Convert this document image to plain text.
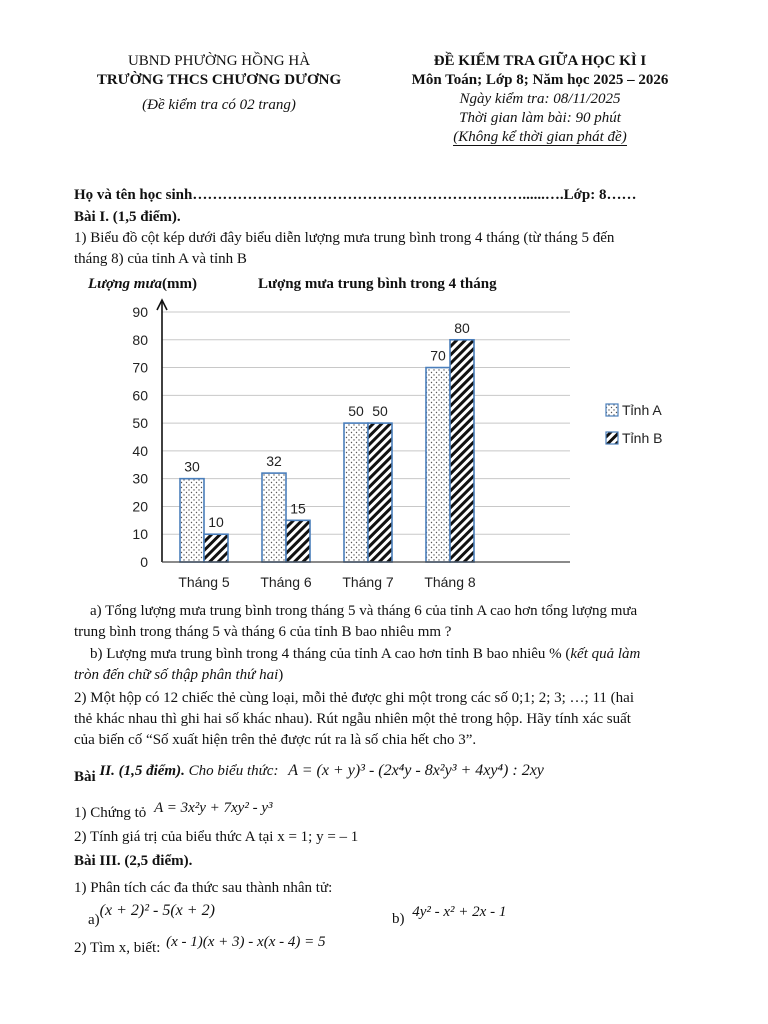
UBND PHƯỜNG HỒNG HÀ
TRƯỜNG THCS CHƯƠNG DƯƠNG
(Đề kiểm tra có 02 trang)
ĐỀ KIỂM TRA GIỮA HỌC KÌ I
Môn Toán; Lớp 8; Năm học 2025 – 2026
Ngày kiểm tra: 08/11/2025
Thời gian làm bài: 90 phút
(Không kể thời gian phát đề)
Họ và tên học sinh…………………………………………………………......….Lớp: 8……
Bài I. (1,5 điểm).
1) Biểu đồ cột kép dưới đây biểu diễn lượng mưa trung bình trong 4 tháng (từ tháng 5 đến
tháng 8) của tỉnh A và tỉnh B
Lượng mưa(mm)	Lượng mưa trung bình trong 4 tháng
0
10
20
30
40
50
60
70
80
90
30
10
32
15
50 50
70
80
Tháng 5 Tháng 6 Tháng 7 Tháng 8
Tỉnh A
Tỉnh B
a) Tổng lượng mưa trung bình trong tháng 5 và tháng 6 của tỉnh A cao hơn tổng lượng mưa
trung bình trong tháng 5 và tháng 6 của tỉnh B bao nhiêu mm ?
b) Lượng mưa trung bình trong 4 tháng của tỉnh A cao hơn tỉnh B bao nhiêu % (kết quả làm
tròn đến chữ số thập phân thứ hai)
2) Một hộp có 12 chiếc thẻ cùng loại, mỗi thẻ được ghi một trong các số 0;1; 2; 3; …; 11 (hai
thẻ khác nhau thì ghi hai số khác nhau). Rút ngẫu nhiên một thẻ trong hộp. Hãy tính xác suất
của biến cố “Số xuất hiện trên thẻ được rút ra là số chia hết cho 3”.
Bài II. (1,5 điểm). Cho biểu thức: A = (x + y)³ - (2x⁴y - 8x²y³ + 4xy⁴) : 2xy
1) Chứng tỏ A = 3x²y + 7xy² - y³
2) Tính giá trị của biểu thức A tại x = 1; y = – 1
Bài III. (2,5 điểm).
1) Phân tích các đa thức sau thành nhân tử:
a)(x + 2)² - 5(x + 2)	b) 4y² - x² + 2x - 1
2) Tìm x, biết: (x - 1)(x + 3) - x(x - 4) = 5
